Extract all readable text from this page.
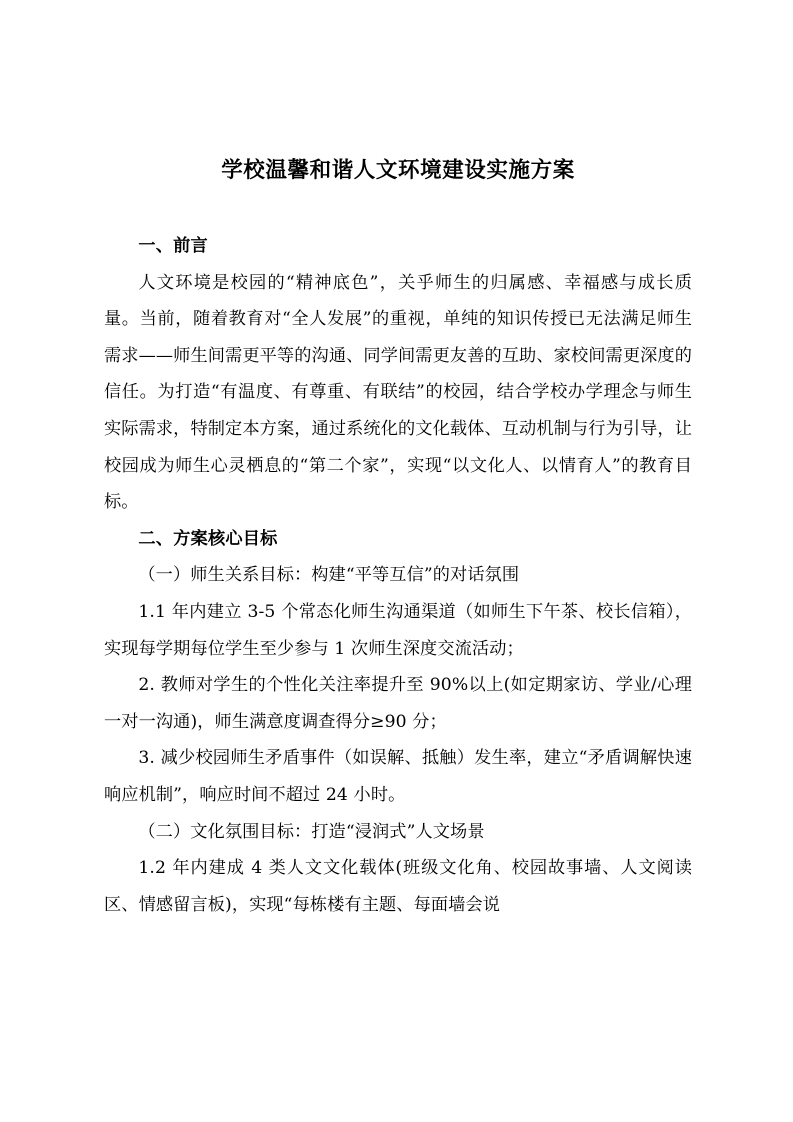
学校温馨和谐人文环境建设实施方案

一、前言

人文环境是校园的“精神底色”，关乎师生的归属感、幸福感与成长质量。当前，随着教育对“全人发展”的重视，单纯的知识传授已无法满足师生需求——师生间需更平等的沟通、同学间需更友善的互助、家校间需更深度的信任。为打造“有温度、有尊重、有联结”的校园，结合学校办学理念与师生实际需求，特制定本方案，通过系统化的文化载体、互动机制与行为引导，让校园成为师生心灵栖息的“第二个家”，实现“以文化人、以情育人”的教育目标。

二、方案核心目标

（一）师生关系目标：构建“平等互信”的对话氛围

1.1 年内建立 3-5 个常态化师生沟通渠道（如师生下午茶、校长信箱），实现每学期每位学生至少参与 1 次师生深度交流活动；

2. 教师对学生的个性化关注率提升至 90%以上(如定期家访、学业/心理一对一沟通)，师生满意度调查得分≥90 分；

3. 减少校园师生矛盾事件（如误解、抵触）发生率，建立“矛盾调解快速响应机制”，响应时间不超过 24 小时。

（二）文化氛围目标：打造“浸润式”人文场景

1.2 年内建成 4 类人文文化载体(班级文化角、校园故事墙、人文阅读区、情感留言板)，实现“每栋楼有主题、每面墙会说
